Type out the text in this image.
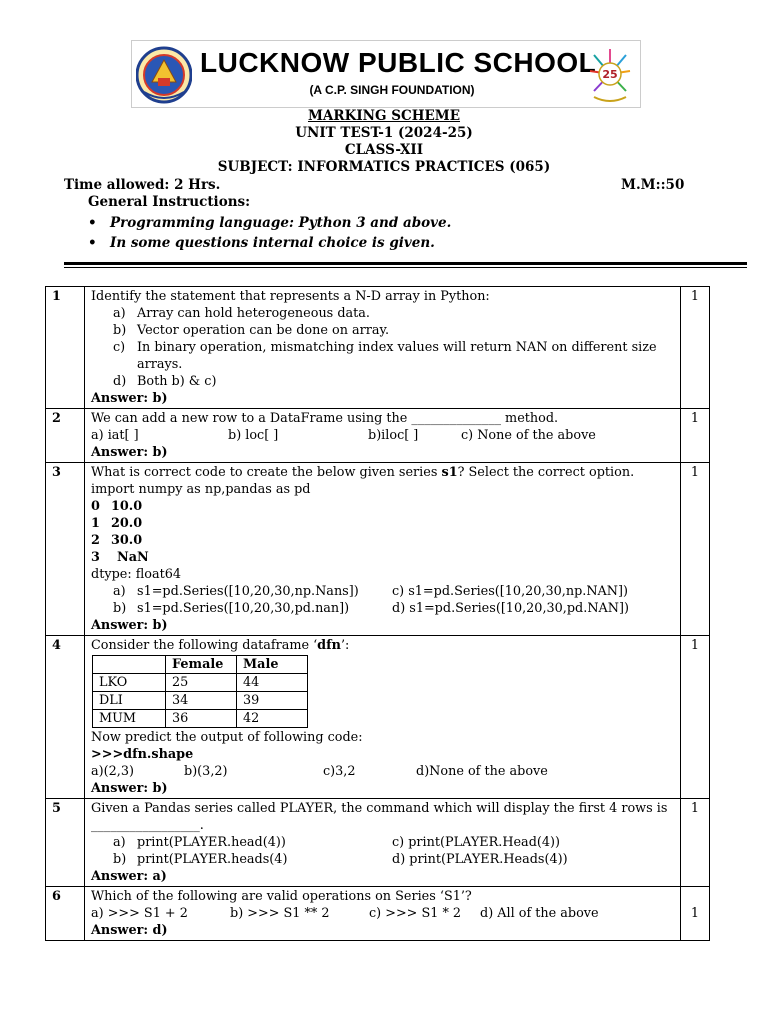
LUCKNOW PUBLIC SCHOOL
(A C.P. SINGH FOUNDATION)
25
MARKING SCHEME
UNIT TEST-1 (2024-25)
CLASS-XII
SUBJECT: INFORMATICS PRACTICES (065)
Time allowed: 2 Hrs.	M.M::50
General Instructions:
• Programming language: Python 3 and above.
• In some questions internal choice is given.
1	Identify the statement that represents a N-D array in Python:
a) Array can hold heterogeneous data.
b) Vector operation can be done on array.
c) In binary operation, mismatching index values will return NAN on different size arrays.
d) Both b) & c)
Answer: b)
	1
2	We can add a new row to a DataFrame using the ______________ method.
a) iat[ ]	b) loc[ ]	b)iloc[ ]	c) None of the above
Answer: b)
	1
3	What is correct code to create the below given series s1? Select the correct option.
import numpy as np,pandas as pd
0 10.0
1 20.0
2 30.0
3 NaN
dtype: float64
a) s1=pd.Series([10,20,30,np.Nans])	c) s1=pd.Series([10,20,30,np.NAN])
b) s1=pd.Series([10,20,30,pd.nan])	d) s1=pd.Series([10,20,30,pd.NAN])
Answer: b)
	1
4	Consider the following dataframe ‘dfn’:
	Female	Male
LKO	25	44
DLI	34	39
MUM	36	42
Now predict the output of following code:
>>>dfn.shape
a)(2,3)	b)(3,2)	c)3,2	d)None of the above
Answer: b)
	1
5	Given a Pandas series called PLAYER, the command which will display the first 4 rows is
_________________.
a) print(PLAYER.head(4))	c) print(PLAYER.Head(4))
b) print(PLAYER.heads(4)	d) print(PLAYER.Heads(4))
Answer: a)
	1
6	Which of the following are valid operations on Series ‘S1’?
a) >>> S1 + 2	b) >>> S1 ** 2	c) >>> S1 * 2	d) All of the above
Answer: d)
	1
